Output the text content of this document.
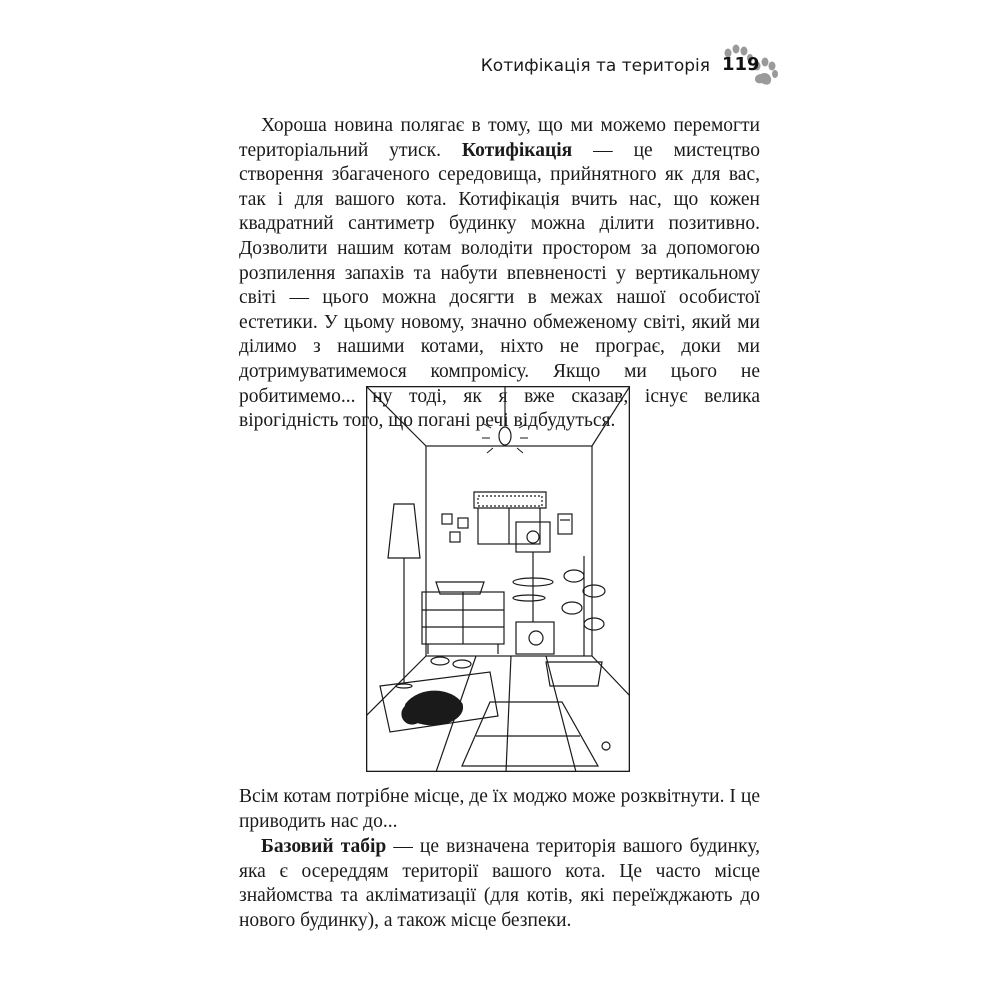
Котифікація та територія 119

Хороша новина полягає в тому, що ми можемо перемогти територіальний утиск. Котифікація — це мистецтво створення збагаченого середовища, прийнятного як для вас, так і для вашого кота. Котифікація вчить нас, що кожен квадратний сантиметр будинку можна ділити позитивно. Дозволити нашим котам володіти простором за допомогою розпилення запахів та набути впевненості у вертикальному світі — цього можна досягти в межах нашої особистої естетики. У цьому новому, значно обмеженому світі, який ми ділимо з нашими котами, ніхто не програє, доки ми дотримуватимемося компромісу. Якщо ми цього не робитимемо... ну тоді, як я вже сказав, існує велика вірогідність того, що погані речі відбудуться.

Всім котам потрібне місце, де їх моджо може розквітнути. І це приводить нас до...

Базовий табір — це визначена територія вашого будинку, яка є осереддям території вашого кота. Це часто місце знайомства та акліматизації (для котів, які переїжджають до нового будинку), а також місце безпеки.
